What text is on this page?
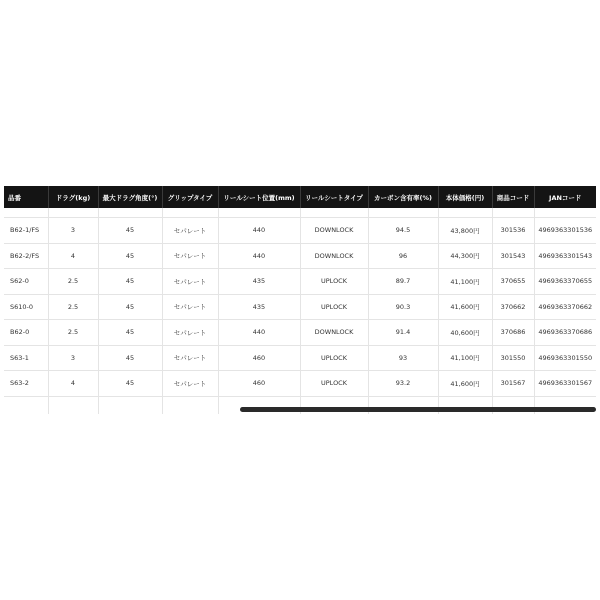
品番	ドラグ(kg)	最大ドラグ角度(°)	グリップタイプ	リールシート位置(mm)	リールシートタイプ	カーボン含有率(%)	本体価格(円)	商品コード	JANコード

B62-1/FS	3	45	セパレート	440	DOWNLOCK	94.5	43,800円	301536	4969363301536
B62-2/FS	4	45	セパレート	440	DOWNLOCK	96	44,300円	301543	4969363301543
S62-0	2.5	45	セパレート	435	UPLOCK	89.7	41,100円	370655	4969363370655
S610-0	2.5	45	セパレート	435	UPLOCK	90.3	41,600円	370662	4969363370662
B62-0	2.5	45	セパレート	440	DOWNLOCK	91.4	40,600円	370686	4969363370686
S63-1	3	45	セパレート	460	UPLOCK	93	41,100円	301550	4969363301550
S63-2	4	45	セパレート	460	UPLOCK	93.2	41,600円	301567	4969363301567
